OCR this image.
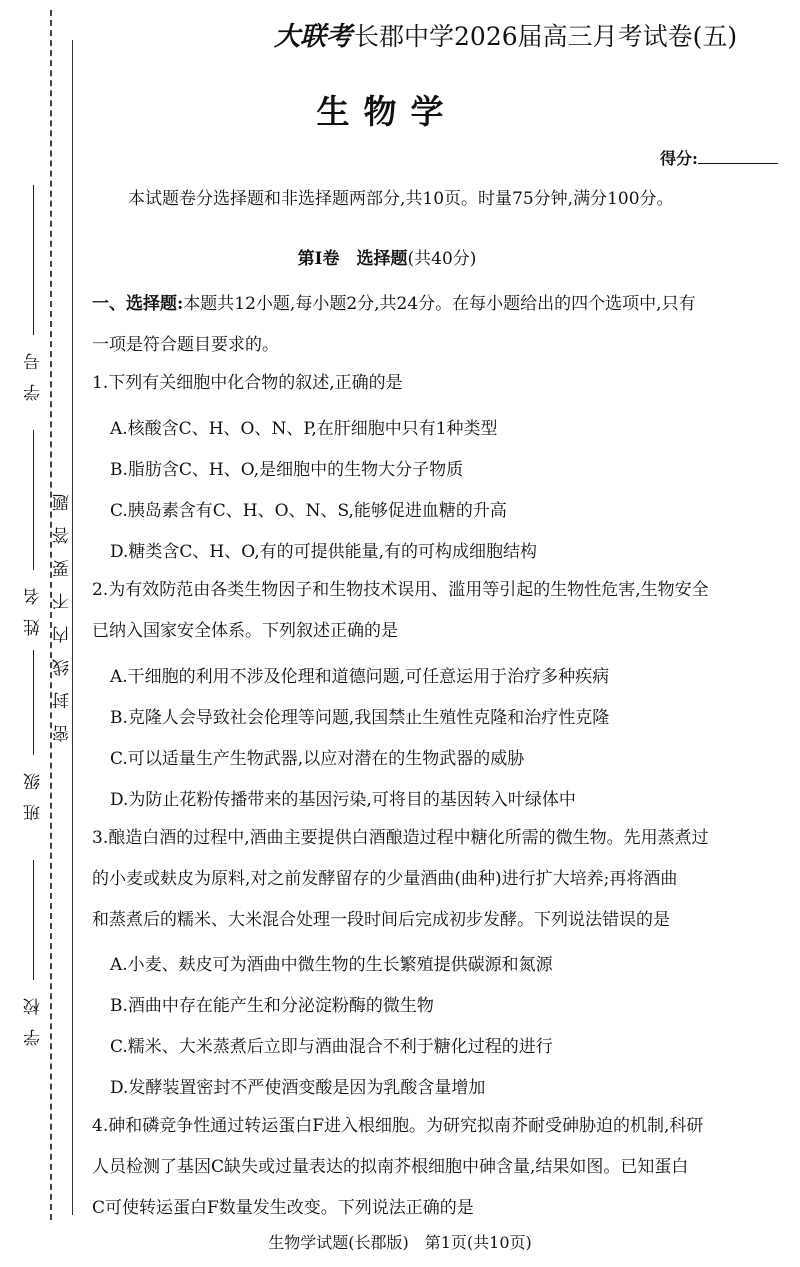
学号
姓名
班级
学校
密封线内不要答题
大联考长郡中学2026届高三月考试卷(五)
生物学
得分:
本试题卷分选择题和非选择题两部分,共10页。时量75分钟,满分100分。
第Ⅰ卷　选择题(共40分)
一、选择题:本题共12小题,每小题2分,共24分。在每小题给出的四个选项中,只有
一项是符合题目要求的。
1.下列有关细胞中化合物的叙述,正确的是
A.核酸含C、H、O、N、P,在肝细胞中只有1种类型
B.脂肪含C、H、O,是细胞中的生物大分子物质
C.胰岛素含有C、H、O、N、S,能够促进血糖的升高
D.糖类含C、H、O,有的可提供能量,有的可构成细胞结构
2.为有效防范由各类生物因子和生物技术误用、滥用等引起的生物性危害,生物安全
已纳入国家安全体系。下列叙述正确的是
A.干细胞的利用不涉及伦理和道德问题,可任意运用于治疗多种疾病
B.克隆人会导致社会伦理等问题,我国禁止生殖性克隆和治疗性克隆
C.可以适量生产生物武器,以应对潜在的生物武器的威胁
D.为防止花粉传播带来的基因污染,可将目的基因转入叶绿体中
3.酿造白酒的过程中,酒曲主要提供白酒酿造过程中糖化所需的微生物。先用蒸煮过
的小麦或麸皮为原料,对之前发酵留存的少量酒曲(曲种)进行扩大培养;再将酒曲
和蒸煮后的糯米、大米混合处理一段时间后完成初步发酵。下列说法错误的是
A.小麦、麸皮可为酒曲中微生物的生长繁殖提供碳源和氮源
B.酒曲中存在能产生和分泌淀粉酶的微生物
C.糯米、大米蒸煮后立即与酒曲混合不利于糖化过程的进行
D.发酵装置密封不严使酒变酸是因为乳酸含量增加
4.砷和磷竞争性通过转运蛋白F进入根细胞。为研究拟南芥耐受砷胁迫的机制,科研
人员检测了基因C缺失或过量表达的拟南芥根细胞中砷含量,结果如图。已知蛋白
C可使转运蛋白F数量发生改变。下列说法正确的是
生物学试题(长郡版)　第1页(共10页)
